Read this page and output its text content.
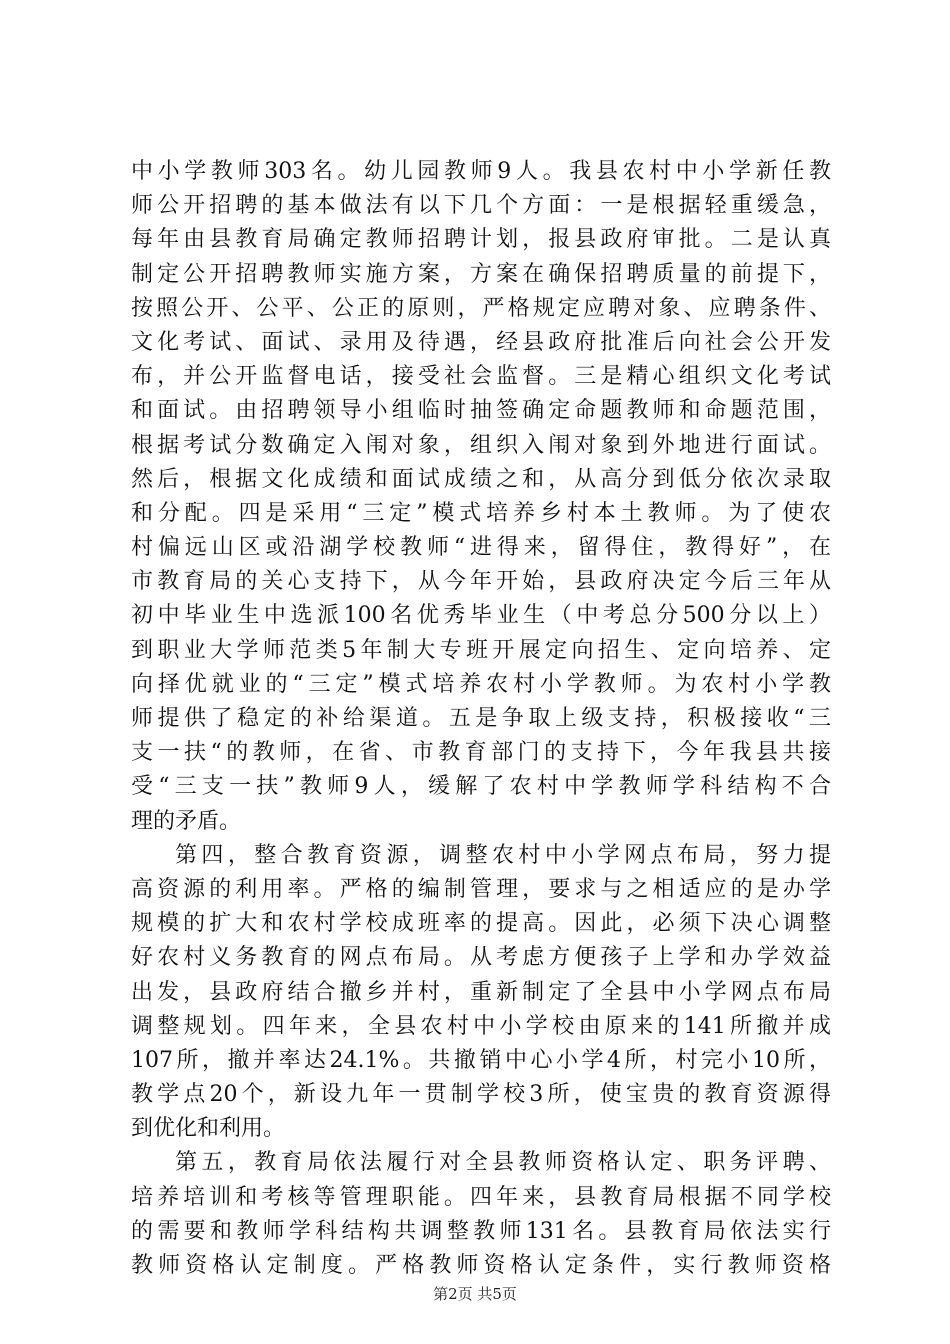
中小学教师303名。幼儿园教师9人。我县农村中小学新任教
师公开招聘的基本做法有以下几个方面：一是根据轻重缓急，
每年由县教育局确定教师招聘计划，报县政府审批。二是认真
制定公开招聘教师实施方案，方案在确保招聘质量的前提下，
按照公开、公平、公正的原则，严格规定应聘对象、应聘条件、
文化考试、面试、录用及待遇，经县政府批准后向社会公开发
布，并公开监督电话，接受社会监督。三是精心组织文化考试
和面试。由招聘领导小组临时抽签确定命题教师和命题范围，
根据考试分数确定入闱对象，组织入闱对象到外地进行面试。
然后，根据文化成绩和面试成绩之和，从高分到低分依次录取
和分配。四是采用“三定”模式培养乡村本土教师。为了使农
村偏远山区或沿湖学校教师“进得来，留得住，教得好”，在
市教育局的关心支持下，从今年开始，县政府决定今后三年从
初中毕业生中选派100名优秀毕业生（中考总分500分以上）
到职业大学师范类5年制大专班开展定向招生、定向培养、定
向择优就业的“三定”模式培养农村小学教师。为农村小学教
师提供了稳定的补给渠道。五是争取上级支持，积极接收“三
支一扶“的教师，在省、市教育部门的支持下，今年我县共接
受“三支一扶”教师9人，缓解了农村中学教师学科结构不合
理的矛盾。
第四，整合教育资源，调整农村中小学网点布局，努力提
高资源的利用率。严格的编制管理，要求与之相适应的是办学
规模的扩大和农村学校成班率的提高。因此，必须下决心调整
好农村义务教育的网点布局。从考虑方便孩子上学和办学效益
出发，县政府结合撤乡并村，重新制定了全县中小学网点布局
调整规划。四年来，全县农村中小学校由原来的141所撤并成
107所，撤并率达24.1%。共撤销中心小学4所，村完小10所，
教学点20个，新设九年一贯制学校3所，使宝贵的教育资源得
到优化和利用。
第五，教育局依法履行对全县教师资格认定、职务评聘、
培养培训和考核等管理职能。四年来，县教育局根据不同学校
的需要和教师学科结构共调整教师131名。县教育局依法实行
教师资格认定制度。严格教师资格认定条件，实行教师资格
第2页 共5页
